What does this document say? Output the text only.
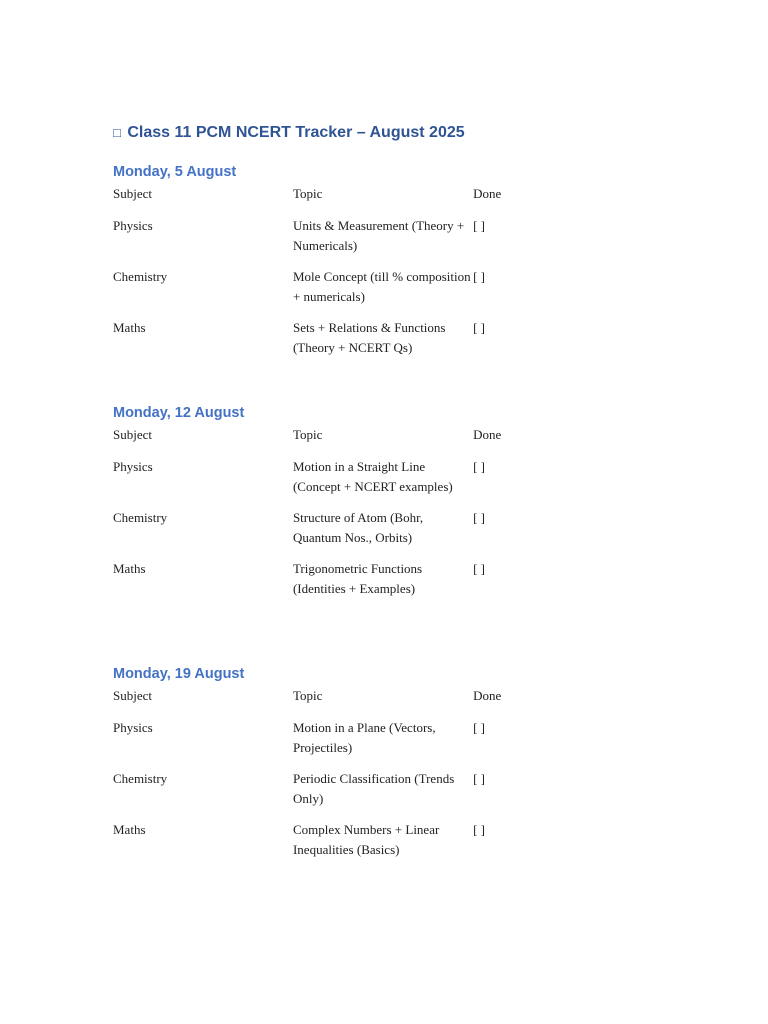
□ Class 11 PCM NCERT Tracker – August 2025
Monday, 5 August
Subject	Topic	Done
Physics	Units & Measurement (Theory + Numericals)	[ ]
Chemistry	Mole Concept (till % composition + numericals)	[ ]
Maths	Sets + Relations & Functions (Theory + NCERT Qs)	[ ]
Monday, 12 August
Subject	Topic	Done
Physics	Motion in a Straight Line (Concept + NCERT examples)	[ ]
Chemistry	Structure of Atom (Bohr, Quantum Nos., Orbits)	[ ]
Maths	Trigonometric Functions (Identities + Examples)	[ ]
Monday, 19 August
Subject	Topic	Done
Physics	Motion in a Plane (Vectors, Projectiles)	[ ]
Chemistry	Periodic Classification (Trends Only)	[ ]
Maths	Complex Numbers + Linear Inequalities (Basics)	[ ]
